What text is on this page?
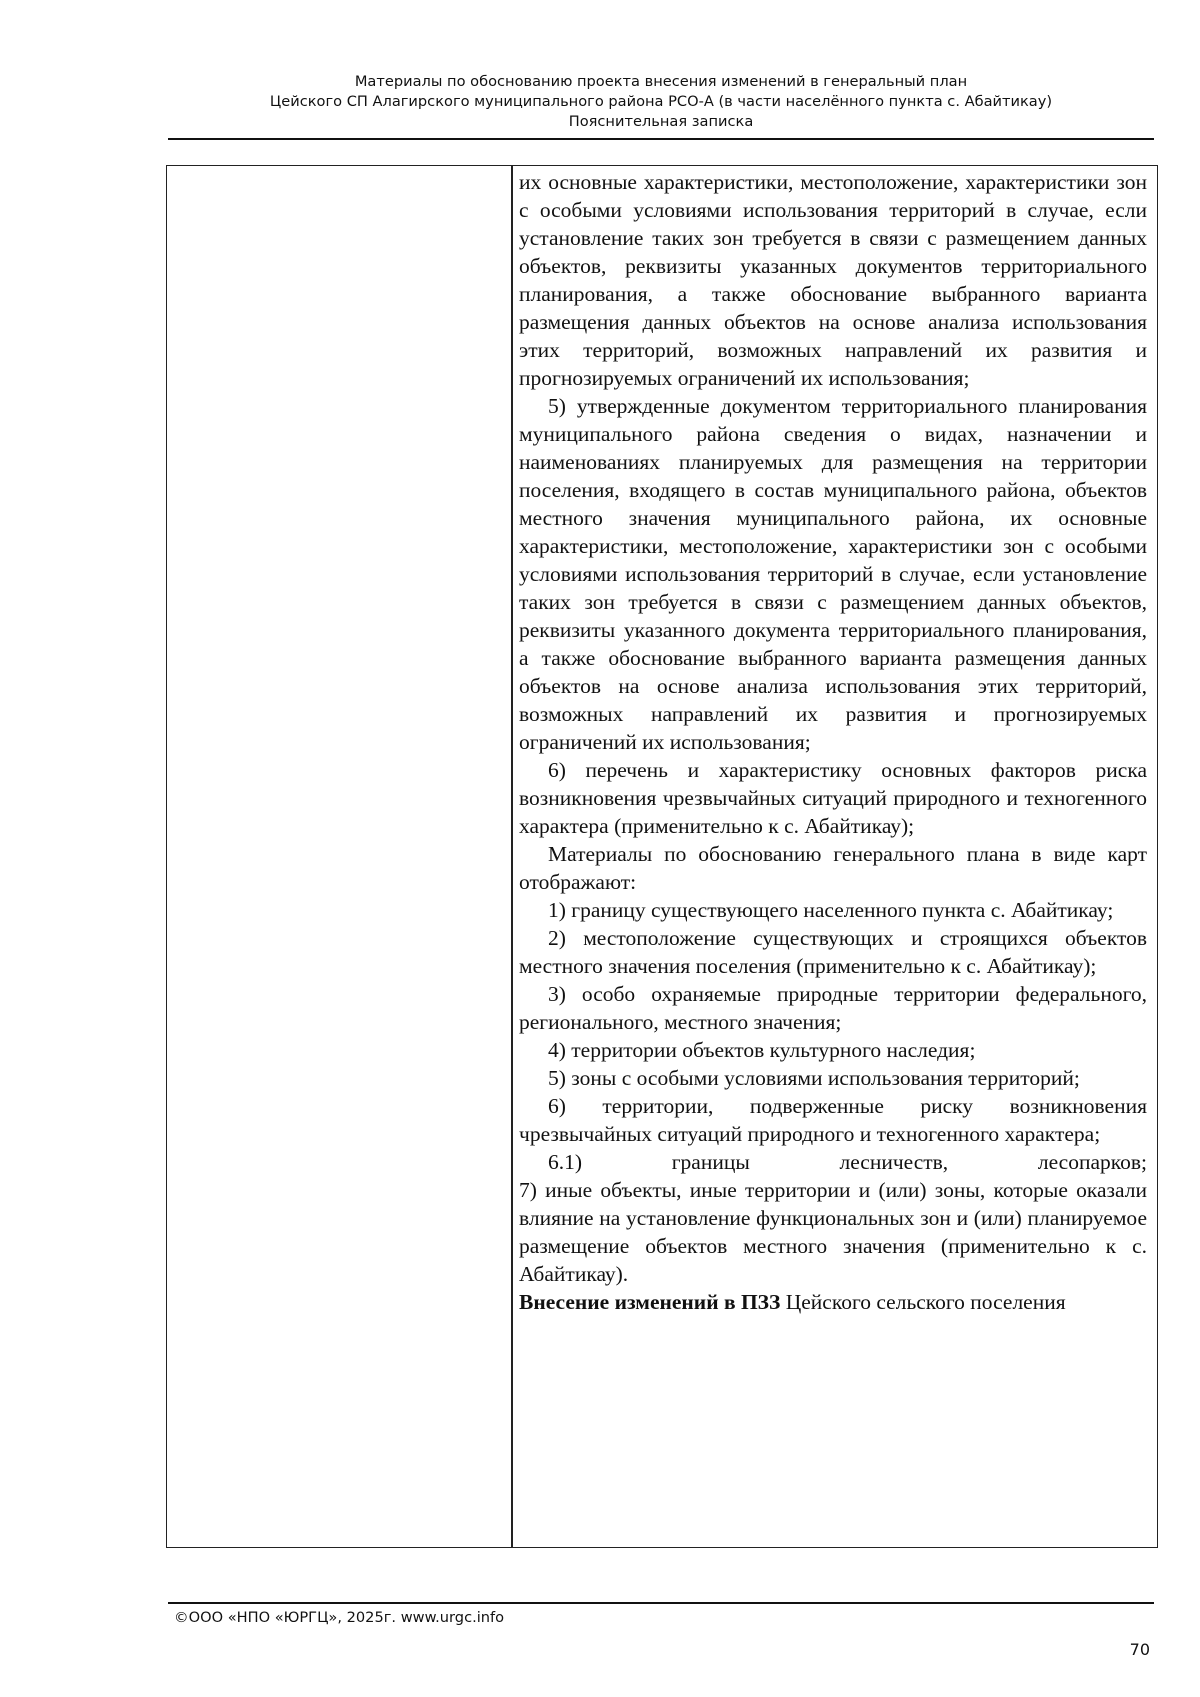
Материалы по обоснованию проекта внесения изменений в генеральный план
Цейского СП Алагирского муниципального района РСО-А (в части населённого пункта с. Абайтикау)
Пояснительная записка

их основные характеристики, местоположение, характеристики зон с особыми условиями использования территорий в случае, если установление таких зон требуется в связи с размещением данных объектов, реквизиты указанных документов территориального планирования, а также обоснование выбранного варианта размещения данных объектов на основе анализа использования этих территорий, возможных направлений их развития и прогнозируемых ограничений их использования;

5) утвержденные документом территориального планирования муниципального района сведения о видах, назначении и наименованиях планируемых для размещения на территории поселения, входящего в состав муниципального района, объектов местного значения муниципального района, их основные характеристики, местоположение, характеристики зон с особыми условиями использования территорий в случае, если установление таких зон требуется в связи с размещением данных объектов, реквизиты указанного документа территориального планирования, а также обоснование выбранного варианта размещения данных объектов на основе анализа использования этих территорий, возможных направлений их развития и прогнозируемых ограничений их использования;

6) перечень и характеристику основных факторов риска возникновения чрезвычайных ситуаций природного и техногенного характера (применительно к с. Абайтикау);

Материалы по обоснованию генерального плана в виде карт отображают:

1) границу существующего населенного пункта с. Абайтикау;

2) местоположение существующих и строящихся объектов местного значения поселения (применительно к с. Абайтикау);

3) особо охраняемые природные территории федерального, регионального, местного значения;

4) территории объектов культурного наследия;

5) зоны с особыми условиями использования территорий;

6) территории, подверженные риску возникновения чрезвычайных ситуаций природного и техногенного характера;

6.1) границы лесничеств, лесопарков;

7) иные объекты, иные территории и (или) зоны, которые оказали влияние на установление функциональных зон и (или) планируемое размещение объектов местного значения (применительно к с. Абайтикау).

Внесение изменений в ПЗЗ Цейского сельского поселения

©ООО «НПО «ЮРГЦ», 2025г. www.urgc.info
70
